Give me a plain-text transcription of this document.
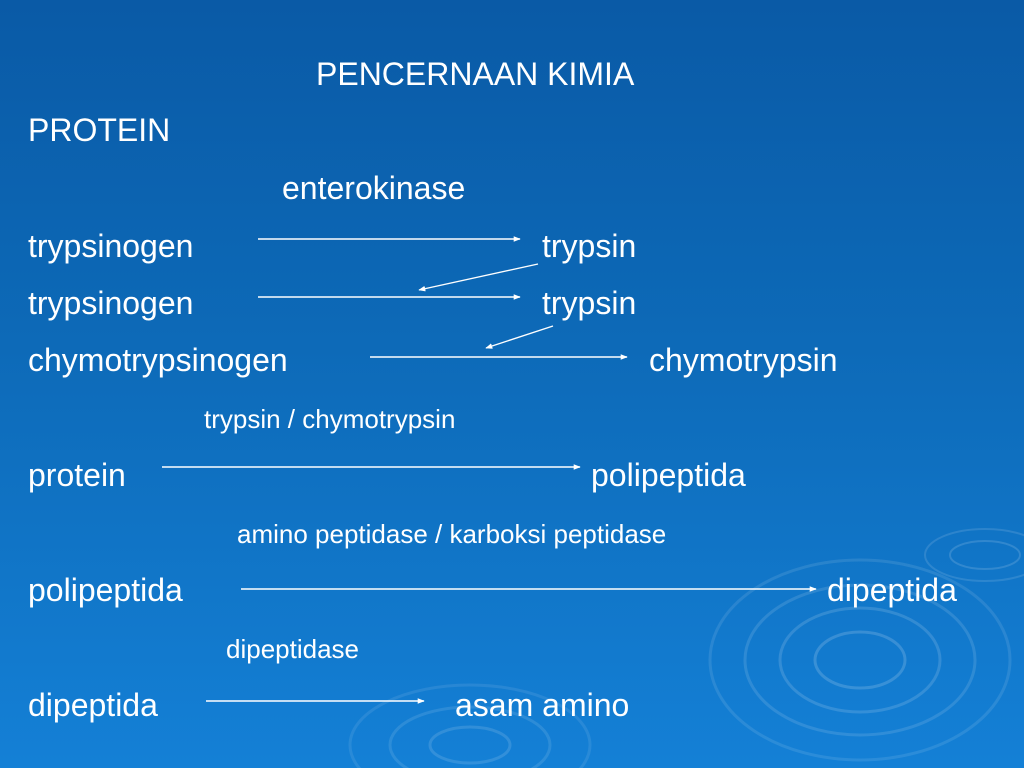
PENCERNAAN KIMIA
PROTEIN
enterokinase
trypsinogen	trypsin
trypsinogen	trypsin
chymotrypsinogen	chymotrypsin
trypsin / chymotrypsin
protein	polipeptida
amino peptidase / karboksi peptidase
polipeptida	dipeptida
dipeptidase
dipeptida	asam amino
